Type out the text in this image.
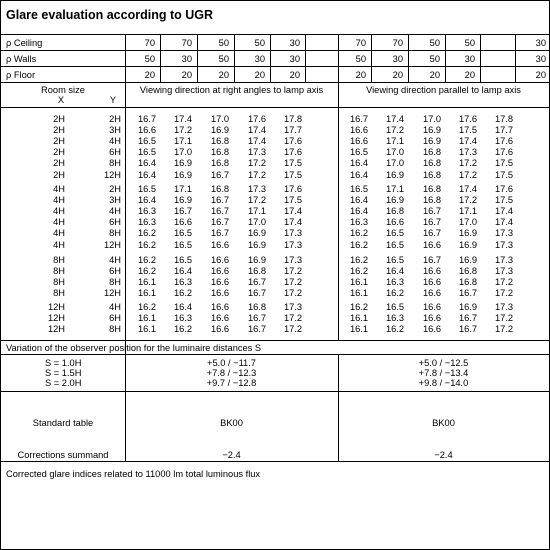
Glare evaluation according to UGR
ρ Ceiling	70	70	50	50	30	70	70	50	50	30
ρ Walls	50	30	50	30	30	50	30	50	30	30
ρ Floor	20	20	20	20	20	20	20	20	20	20
Room size
X	Y
Viewing direction at right angles to lamp axis	Viewing direction parallel to lamp axis
2H	2H 16.7	17.4	17.0	17.6	17.8	16.7	17.4	17.0	17.6	17.8
2H	3H 16.6	17.2	16.9	17.4	17.7	16.6	17.2	16.9	17.5	17.7
2H	4H 16.5	17.1	16.8	17.4	17.6	16.6	17.1	16.9	17.4	17.6
2H	6H 16.5	17.0	16.8	17.3	17.6	16.5	17.0	16.8	17.3	17.6
2H	8H 16.4	16.9	16.8	17.2	17.5	16.4	17.0	16.8	17.2	17.5
2H	12H 16.4	16.9	16.7	17.2	17.5	16.4	16.9	16.8	17.2	17.5
4H	2H 16.5	17.1	16.8	17.3	17.6	16.5	17.1	16.8	17.4	17.6
4H	3H 16.4	16.9	16.7	17.2	17.5	16.4	16.9	16.8	17.2	17.5
4H	4H 16.3	16.7	16.7	17.1	17.4	16.4	16.8	16.7	17.1	17.4
4H	6H 16.3	16.6	16.7	17.0	17.4	16.3	16.6	16.7	17.0	17.4
4H	8H 16.2	16.5	16.7	16.9	17.3	16.2	16.5	16.7	16.9	17.3
4H	12H 16.2	16.5	16.6	16.9	17.3	16.2	16.5	16.6	16.9	17.3
8H	4H 16.2	16.5	16.6	16.9	17.3	16.2	16.5	16.7	16.9	17.3
8H	6H 16.2	16.4	16.6	16.8	17.2	16.2	16.4	16.6	16.8	17.3
8H	8H 16.1	16.3	16.6	16.7	17.2	16.1	16.3	16.6	16.8	17.2
8H	12H 16.1	16.2	16.6	16.7	17.2	16.1	16.2	16.6	16.7	17.2
12H	4H 16.2	16.4	16.6	16.8	17.3	16.2	16.5	16.6	16.9	17.3
12H	6H 16.1	16.3	16.6	16.7	17.2	16.1	16.3	16.6	16.7	17.2
12H	8H 16.1	16.2	16.6	16.7	17.2	16.1	16.2	16.6	16.7	17.2
Variation of the observer position for the luminaire distances S
S = 1.0H	+5.0 / −11.7	+5.0 / −12.5
S = 1.5H	+7.8 / −12.3	+7.8 / −13.4
S = 2.0H	+9.7 / −12.8	+9.8 / −14.0
Standard table	BK00	BK00
Corrections summand	−2.4	−2.4
Corrected glare indices related to 11000 lm total luminous flux
